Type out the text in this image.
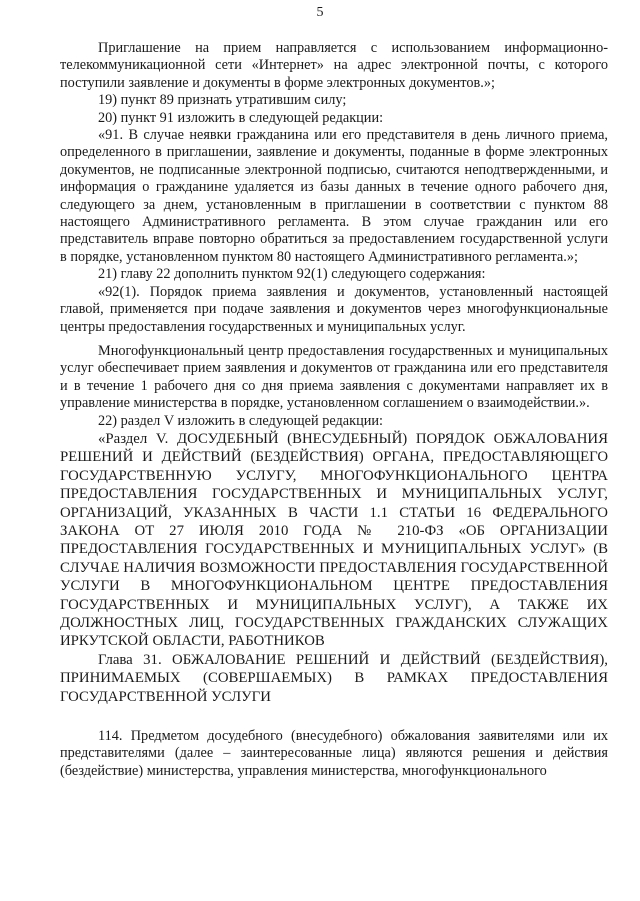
5

Приглашение на прием направляется с использованием информационно-телекоммуникационной сети «Интернет» на адрес электронной почты, с которого поступили заявление и документы в форме электронных документов.»;

19) пункт 89 признать утратившим силу;

20) пункт 91 изложить в следующей редакции:

«91. В случае неявки гражданина или его представителя в день личного приема, определенного в приглашении, заявление и документы, поданные в форме электронных документов, не подписанные электронной подписью, считаются неподтвержденными, и информация о гражданине удаляется из базы данных в течение одного рабочего дня, следующего за днем, установленным в приглашении в соответствии с пунктом 88 настоящего Административного регламента. В этом случае гражданин или его представитель вправе повторно обратиться за предоставлением государственной услуги в порядке, установленном пунктом 80 настоящего Административного регламента.»;

21) главу 22 дополнить пунктом 92(1) следующего содержания:

«92(1). Порядок приема заявления и документов, установленный настоящей главой, применяется при подаче заявления и документов через многофункциональные центры предоставления государственных и муниципальных услуг.

Многофункциональный центр предоставления государственных и муниципальных услуг обеспечивает прием заявления и документов от гражданина или его представителя и в течение 1 рабочего дня со дня приема заявления с документами направляет их в управление министерства в порядке, установленном соглашением о взаимодействии.».

22) раздел V изложить в следующей редакции:

«Раздел V. ДОСУДЕБНЫЙ (ВНЕСУДЕБНЫЙ) ПОРЯДОК ОБЖАЛОВАНИЯ РЕШЕНИЙ И ДЕЙСТВИЙ (БЕЗДЕЙСТВИЯ) ОРГАНА, ПРЕДОСТАВЛЯЮЩЕГО ГОСУДАРСТВЕННУЮ УСЛУГУ, МНОГОФУНКЦИОНАЛЬНОГО ЦЕНТРА ПРЕДОСТАВЛЕНИЯ ГОСУДАРСТВЕННЫХ И МУНИЦИПАЛЬНЫХ УСЛУГ, ОРГАНИЗАЦИЙ, УКАЗАННЫХ В ЧАСТИ 1.1 СТАТЬИ 16 ФЕДЕРАЛЬНОГО ЗАКОНА ОТ 27 ИЮЛЯ 2010 ГОДА № 210-ФЗ «ОБ ОРГАНИЗАЦИИ ПРЕДОСТАВЛЕНИЯ ГОСУДАРСТВЕННЫХ И МУНИЦИПАЛЬНЫХ УСЛУГ» (В СЛУЧАЕ НАЛИЧИЯ ВОЗМОЖНОСТИ ПРЕДОСТАВЛЕНИЯ ГОСУДАРСТВЕННОЙ УСЛУГИ В МНОГОФУНКЦИОНАЛЬНОМ ЦЕНТРЕ ПРЕДОСТАВЛЕНИЯ ГОСУДАРСТВЕННЫХ И МУНИЦИПАЛЬНЫХ УСЛУГ), А ТАКЖЕ ИХ ДОЛЖНОСТНЫХ ЛИЦ, ГОСУДАРСТВЕННЫХ ГРАЖДАНСКИХ СЛУЖАЩИХ ИРКУТСКОЙ ОБЛАСТИ, РАБОТНИКОВ

Глава 31. ОБЖАЛОВАНИЕ РЕШЕНИЙ И ДЕЙСТВИЙ (БЕЗДЕЙСТВИЯ), ПРИНИМАЕМЫХ (СОВЕРШАЕМЫХ) В РАМКАХ ПРЕДОСТАВЛЕНИЯ ГОСУДАРСТВЕННОЙ УСЛУГИ

114. Предметом досудебного (внесудебного) обжалования заявителями или их представителями (далее – заинтересованные лица) являются решения и действия (бездействие) министерства, управления министерства, многофункционального
